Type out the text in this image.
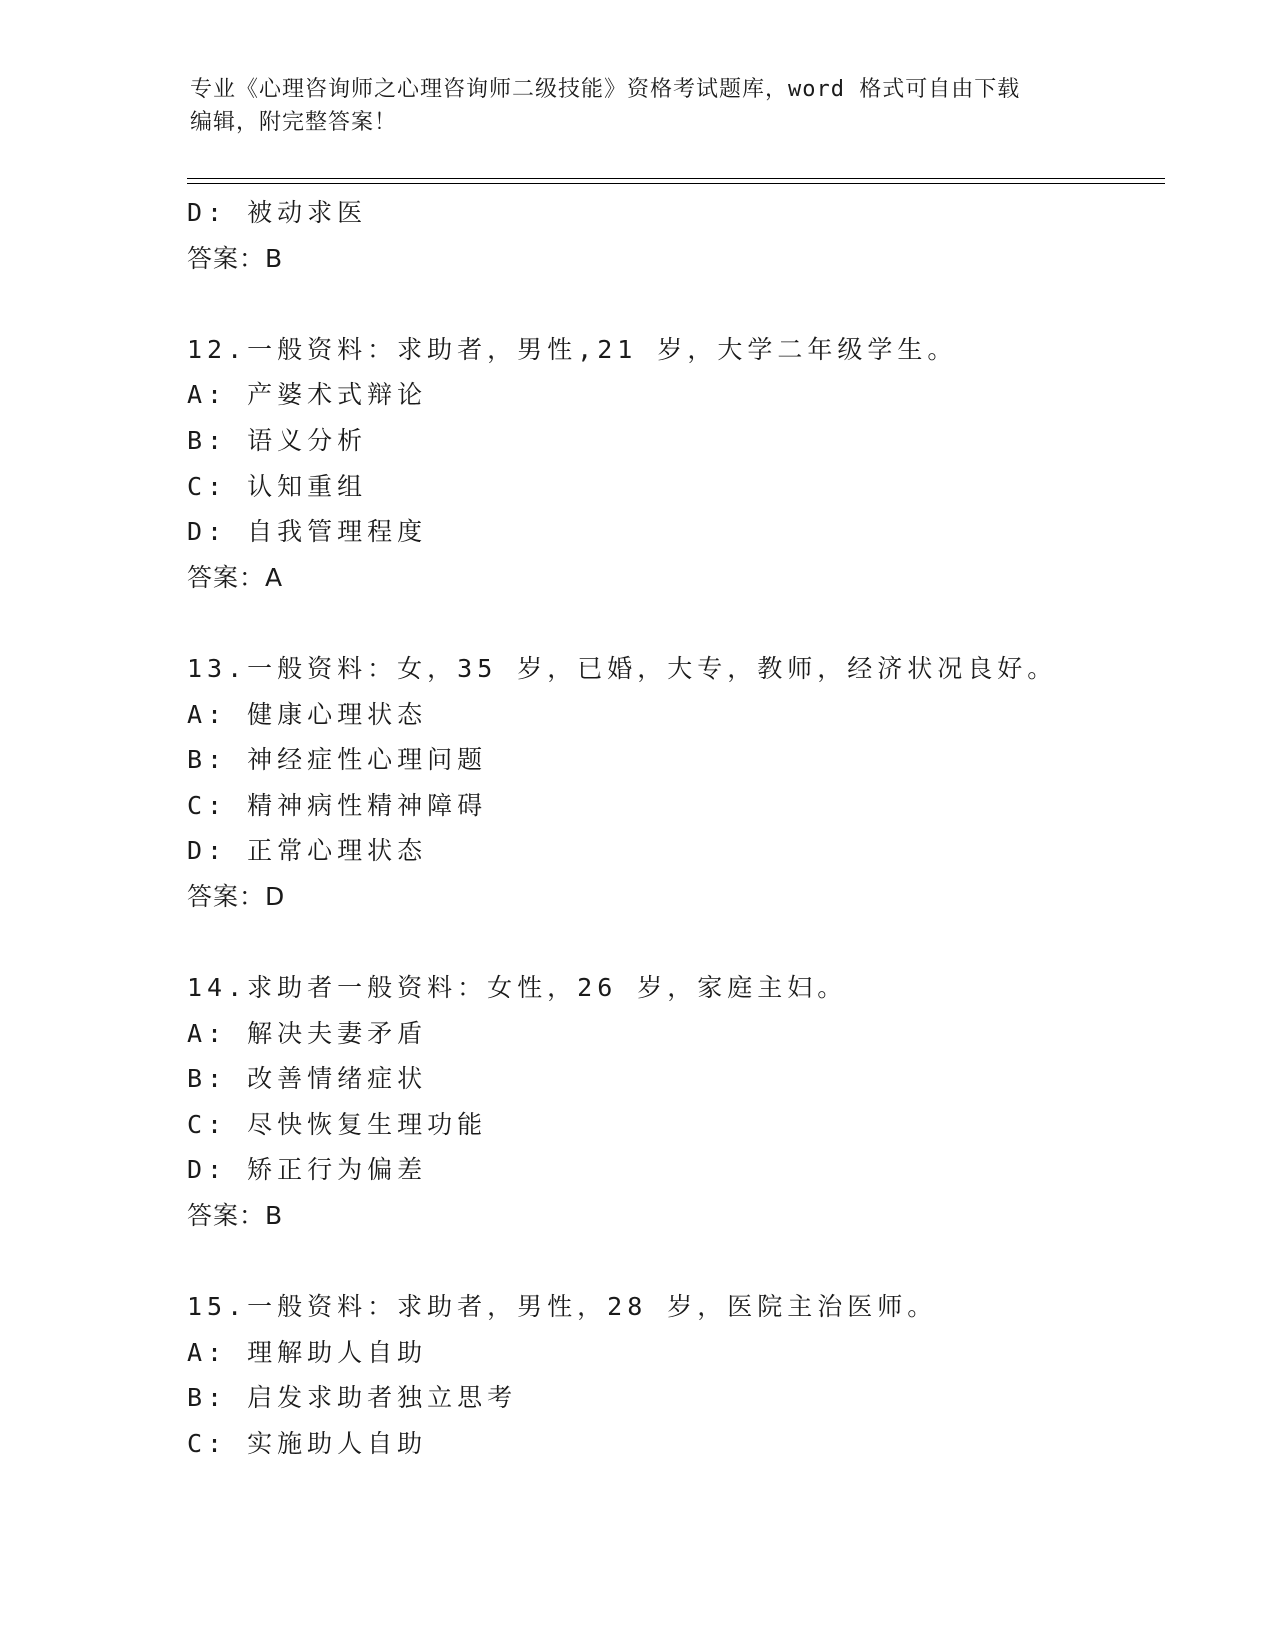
专业《心理咨询师之心理咨询师二级技能》资格考试题库，word 格式可自由下载
编辑，附完整答案！
D: 被动求医
答案：B
12.一般资料：求助者，男性,21 岁，大学二年级学生。
A: 产婆术式辩论
B: 语义分析
C: 认知重组
D: 自我管理程度
答案：A
13.一般资料：女，35 岁，已婚，大专，教师，经济状况良好。
A: 健康心理状态
B: 神经症性心理问题
C: 精神病性精神障碍
D: 正常心理状态
答案：D
14.求助者一般资料：女性，26 岁，家庭主妇。
A: 解决夫妻矛盾
B: 改善情绪症状
C: 尽快恢复生理功能
D: 矫正行为偏差
答案：B
15.一般资料：求助者，男性，28 岁，医院主治医师。
A: 理解助人自助
B: 启发求助者独立思考
C: 实施助人自助
